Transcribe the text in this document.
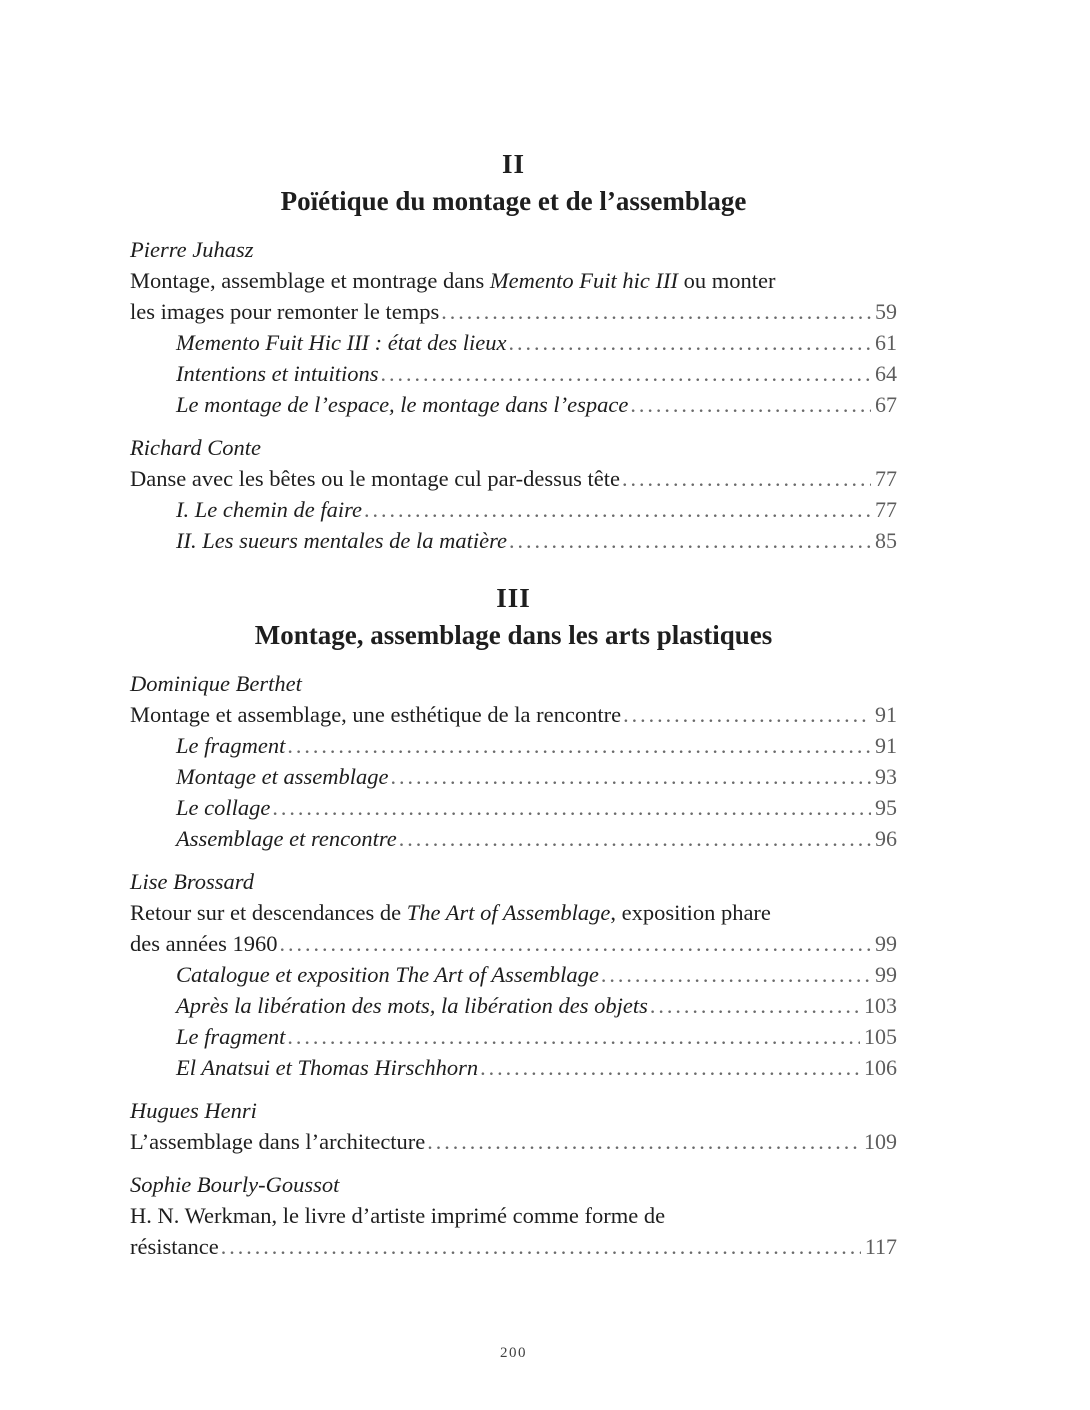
II
Poïétique du montage et de l’assemblage
Pierre Juhasz
Montage, assemblage et montrage dans Memento Fuit hic III ou monter
les images pour remonter le temps .....	59
Memento Fuit Hic III : état des lieux .....	61
Intentions et intuitions .....	64
Le montage de l’espace, le montage dans l’espace .....	67
Richard Conte
Danse avec les bêtes ou le montage cul par-dessus tête .....	77
I. Le chemin de faire .....	77
II. Les sueurs mentales de la matière .....	85
III
Montage, assemblage dans les arts plastiques
Dominique Berthet
Montage et assemblage, une esthétique de la rencontre .....	91
Le fragment .....	91
Montage et assemblage .....	93
Le collage .....	95
Assemblage et rencontre .....	96
Lise Brossard
Retour sur et descendances de The Art of Assemblage, exposition phare
des années 1960 .....	99
Catalogue et exposition The Art of Assemblage .....	99
Après la libération des mots, la libération des objets .....	103
Le fragment .....	105
El Anatsui et Thomas Hirschhorn .....	106
Hugues Henri
L’assemblage dans l’architecture .....	109
Sophie Bourly-Goussot
H. N. Werkman, le livre d’artiste imprimé comme forme de
résistance .....	117
200
